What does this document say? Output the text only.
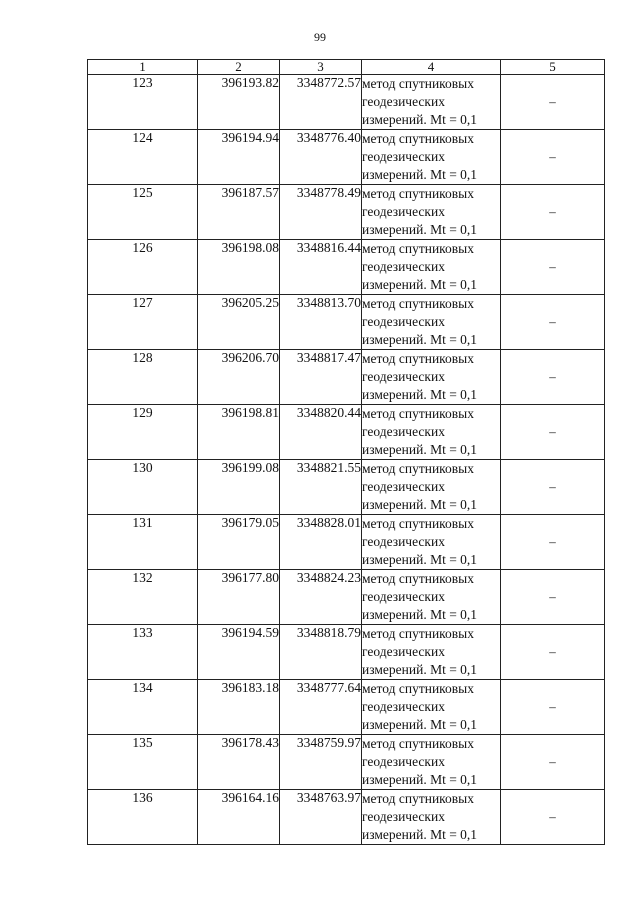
99
1	2	3	4	5
123	396193.82	3348772.57	метод спутниковых
геодезических
измерений. Mt = 0,1	–
124	396194.94	3348776.40	метод спутниковых
геодезических
измерений. Mt = 0,1	–
125	396187.57	3348778.49	метод спутниковых
геодезических
измерений. Mt = 0,1	–
126	396198.08	3348816.44	метод спутниковых
геодезических
измерений. Mt = 0,1	–
127	396205.25	3348813.70	метод спутниковых
геодезических
измерений. Mt = 0,1	–
128	396206.70	3348817.47	метод спутниковых
геодезических
измерений. Mt = 0,1	–
129	396198.81	3348820.44	метод спутниковых
геодезических
измерений. Mt = 0,1	–
130	396199.08	3348821.55	метод спутниковых
геодезических
измерений. Mt = 0,1	–
131	396179.05	3348828.01	метод спутниковых
геодезических
измерений. Mt = 0,1	–
132	396177.80	3348824.23	метод спутниковых
геодезических
измерений. Mt = 0,1	–
133	396194.59	3348818.79	метод спутниковых
геодезических
измерений. Mt = 0,1	–
134	396183.18	3348777.64	метод спутниковых
геодезических
измерений. Mt = 0,1	–
135	396178.43	3348759.97	метод спутниковых
геодезических
измерений. Mt = 0,1	–
136	396164.16	3348763.97	метод спутниковых
геодезических
измерений. Mt = 0,1	–
